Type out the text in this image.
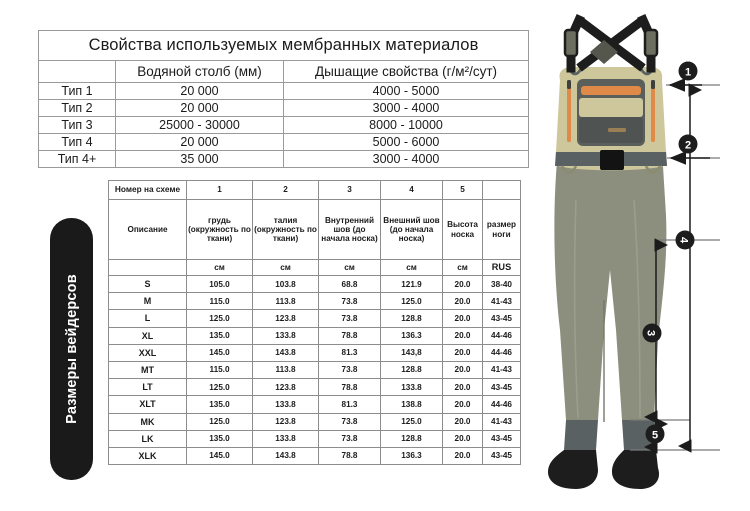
Свойства используемых мембранных материалов		
	Водяной столб (мм)	Дышащие свойства (г/м²/сут)
Тип 1	20 000	4000 - 5000
Тип 2	20 000	3000 - 4000
Тип 3	25000 - 30000	8000 - 10000
Тип 4	20 000	5000 - 6000
Тип 4+	35 000	3000 - 4000
Размеры вейдерсов
Номер на схеме	1	2	3	4	5	
Описание	грудь (окружность по ткани)	талия (окружность по ткани)	Внутренний шов (до начала носка)	Внешний шов (до начала носка)	Высота носка	размер ноги
	см	см	см	см	см	RUS
S	105.0	103.8	68.8	121.9	20.0	38-40
M	115.0	113.8	73.8	125.0	20.0	41-43
L	125.0	123.8	73.8	128.8	20.0	43-45
XL	135.0	133.8	78.8	136.3	20.0	44-46
XXL	145.0	143.8	81.3	143,8	20.0	44-46
MT	115.0	113.8	73.8	128.8	20.0	41-43
LT	125.0	123.8	78.8	133.8	20.0	43-45
XLT	135.0	133.8	81.3	138.8	20.0	44-46
MK	125.0	123.8	73.8	125.0	20.0	41-43
LK	135.0	133.8	73.8	128.8	20.0	43-45
XLK	145.0	143.8	78.8	136.3	20.0	43-45
1
2
4
3
5
